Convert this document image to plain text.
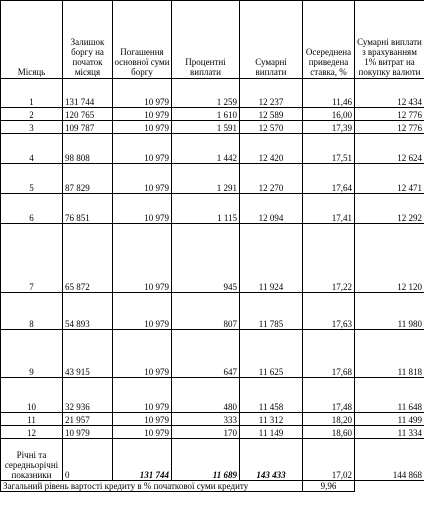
Місяць	Залишок боргу на початок місяця	Погашення основної суми боргу	Процентні виплати	Сумарні виплати	Осереднена приведена ставка, %	Сумарні виплати з врахуванням 1% витрат на покупку валюти
1	131 744	10 979	1 259	12 237	11,46	12 434
2	120 765	10 979	1 610	12 589	16,00	12 776
3	109 787	10 979	1 591	12 570	17,39	12 776
4	98 808	10 979	1 442	12 420	17,51	12 624
5	87 829	10 979	1 291	12 270	17,64	12 471
6	76 851	10 979	1 115	12 094	17,41	12 292
7	65 872	10 979	945	11 924	17,22	12 120
8	54 893	10 979	807	11 785	17,63	11 980
9	43 915	10 979	647	11 625	17,68	11 818
10	32 936	10 979	480	11 458	17,48	11 648
11	21 957	10 979	333	11 312	18,20	11 499
12	10 979	10 979	170	11 149	18,60	11 334
Річні та середньорічні показники	0	131 744	11 689	143 433	17,02	144 868
Загальний рівень вартості кредиту в % початкової суми кредиту					9,96	
